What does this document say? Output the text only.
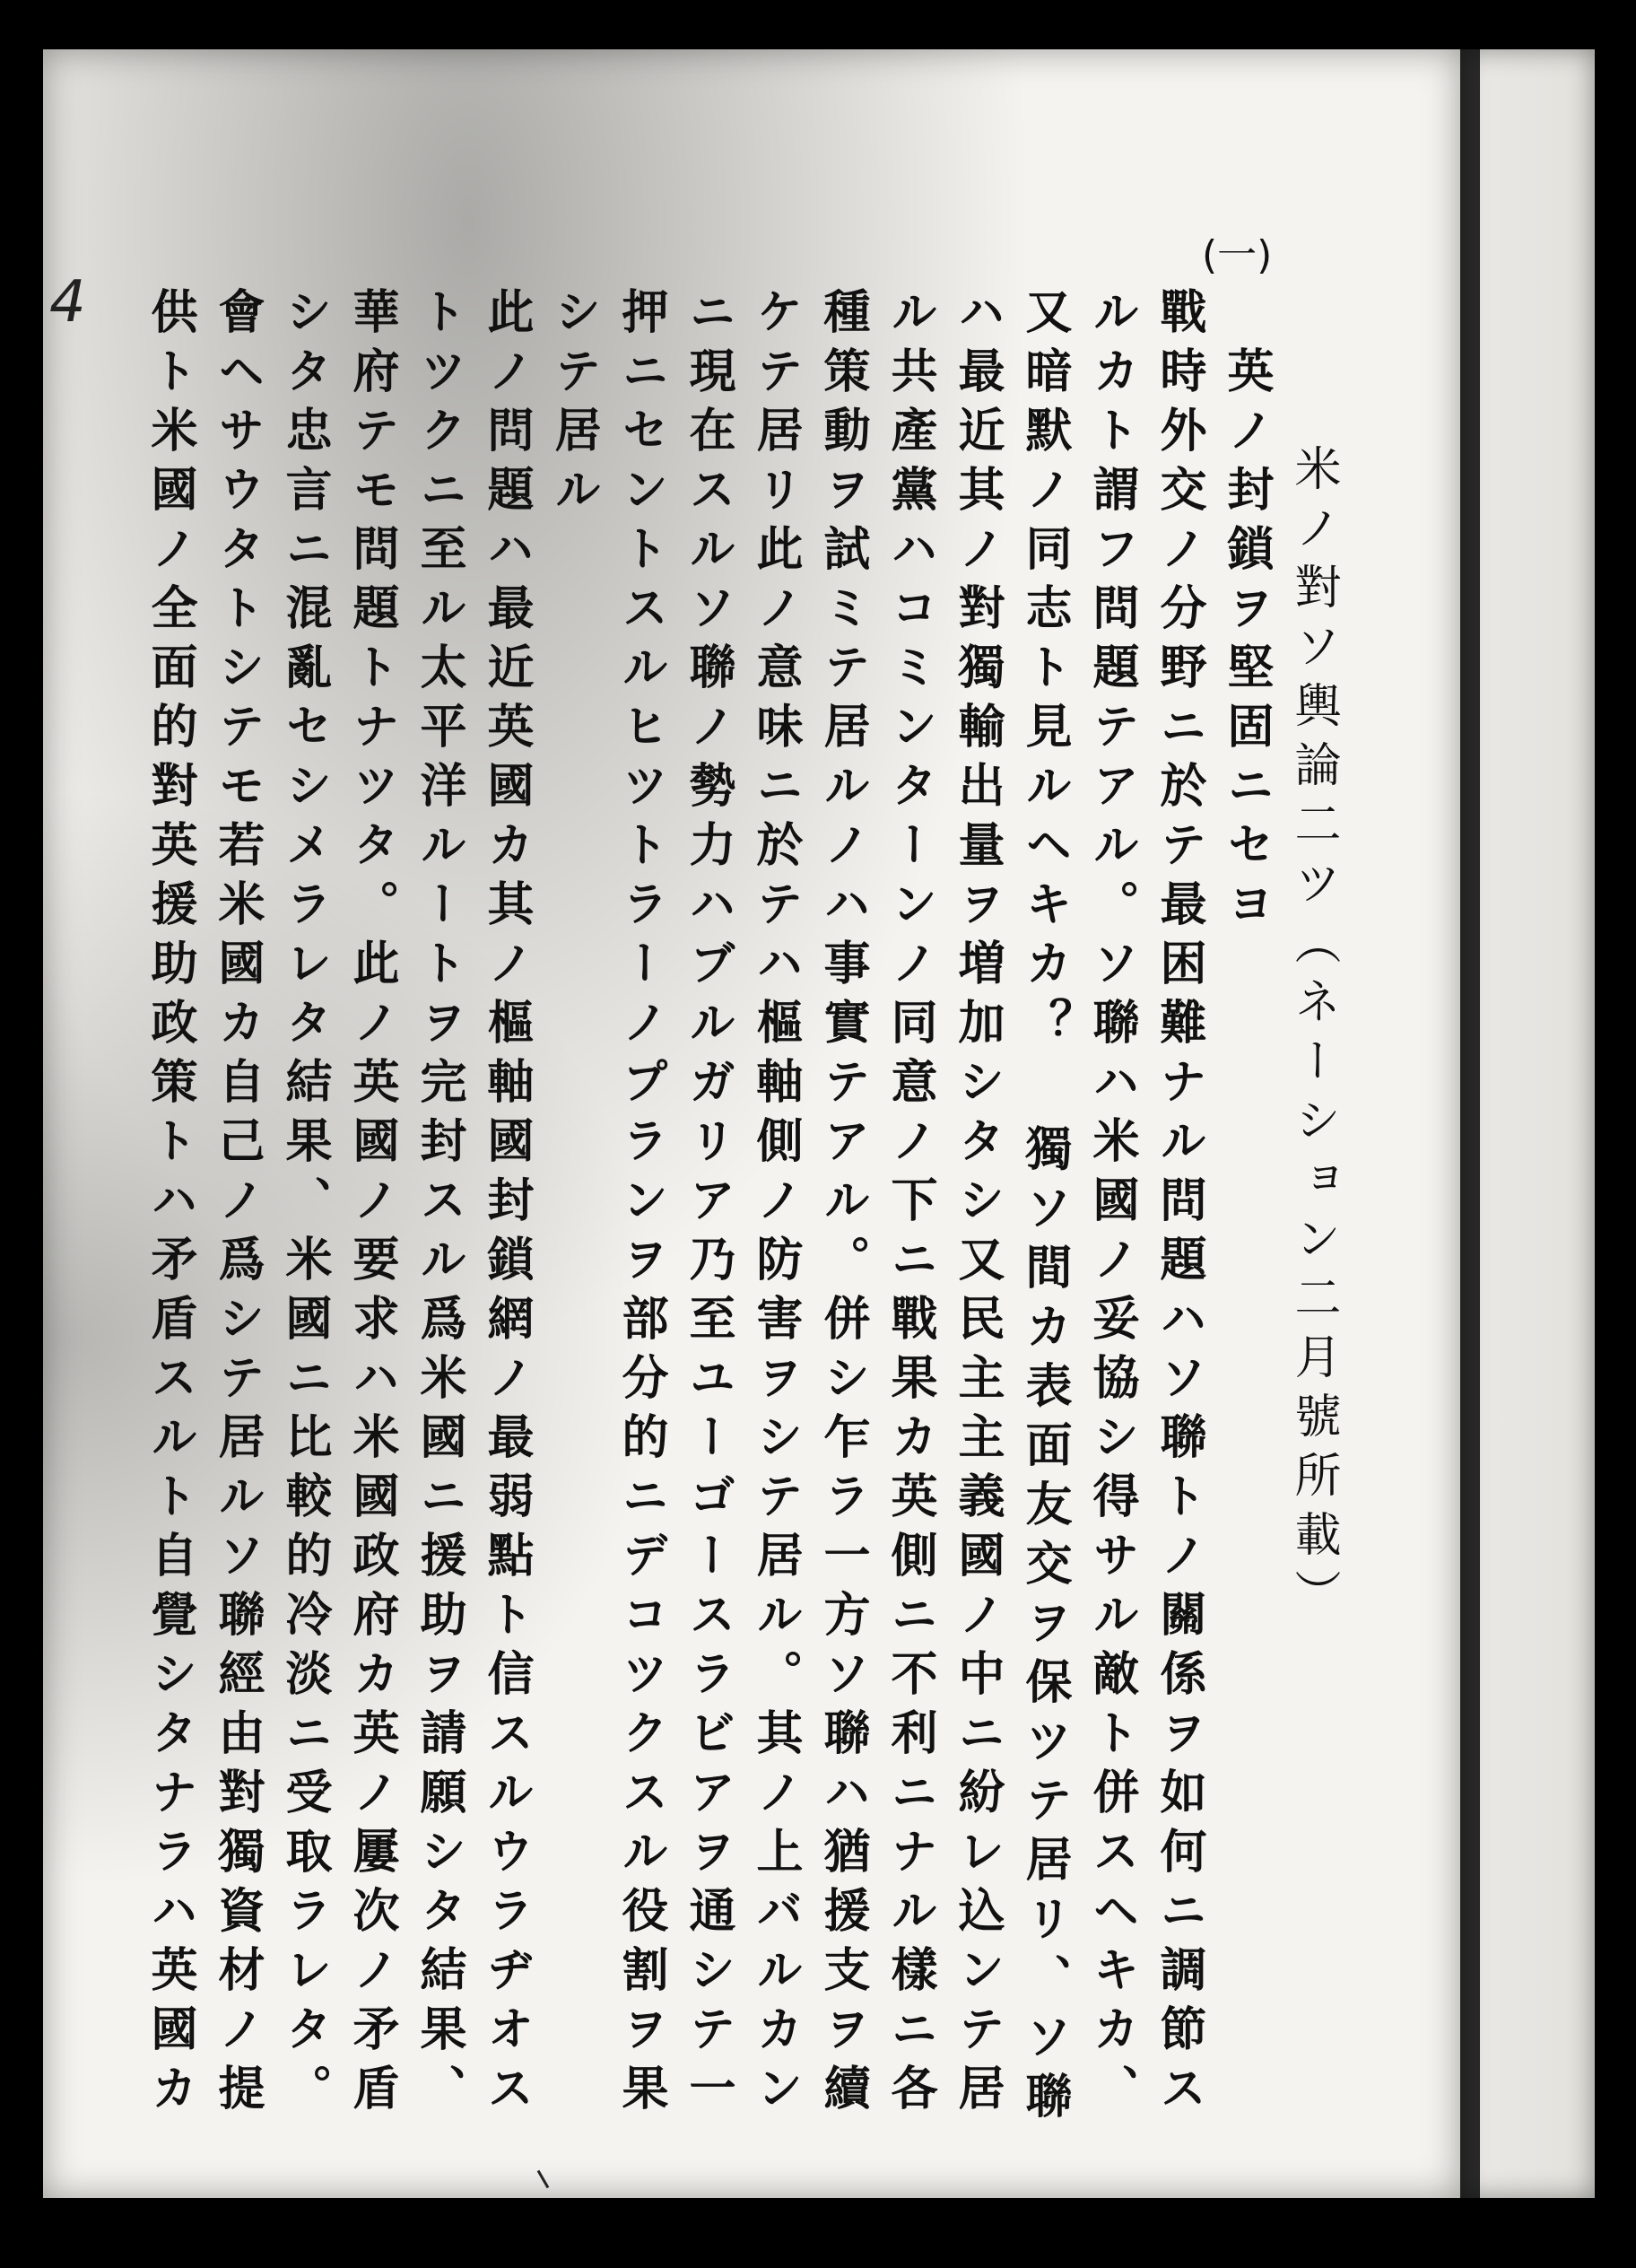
4
(一)
米ノ對ソ輿論二ツ（ネーション二月號所載）
英ノ封鎖ヲ堅固ニセヨ
戰時外交ノ分野ニ於テ最困難ナル問題ハソ聯トノ關係ヲ如何ニ調節ス
ルカト謂フ問題テアル。ソ聯ハ米國ノ妥協シ得サル敵ト併スヘキカ、
又暗默ノ同志ト見ルヘキカ？ 獨ソ間カ表面友交ヲ保ツテ居リ、ソ聯
ハ最近其ノ對獨輸出量ヲ増加シタシ又民主主義國ノ中ニ紛レ込ンテ居
ル共產黨ハコミンターンノ同意ノ下ニ戰果カ英側ニ不利ニナル樣ニ各
種策動ヲ試ミテ居ルノハ事實テアル。併シ乍ラ一方ソ聯ハ猶援支ヲ續
ケテ居リ此ノ意味ニ於テハ樞軸側ノ防害ヲシテ居ル。其ノ上バルカン
ニ現在スルソ聯ノ勢力ハブルガリア乃至ユーゴースラビアヲ通シテ一
押ニセントスルヒツトラーノプランヲ部分的ニデコツクスル役割ヲ果
シテ居ル
此ノ問題ハ最近英國カ其ノ樞軸國封鎖網ノ最弱點ト信スルウラヂオス
トツクニ至ル太平洋ルートヲ完封スル爲米國ニ援助ヲ請願シタ結果、
華府テモ問題トナツタ。此ノ英國ノ要求ハ米國政府カ英ノ屢次ノ矛盾
シタ忠言ニ混亂セシメラレタ結果、米國ニ比較的冷淡ニ受取ラレタ。
會ヘサウタトシテモ若米國カ自己ノ爲シテ居ルソ聯經由對獨資材ノ提
供ト米國ノ全面的對英援助政策トハ矛盾スルト自覺シタナラハ英國カ
